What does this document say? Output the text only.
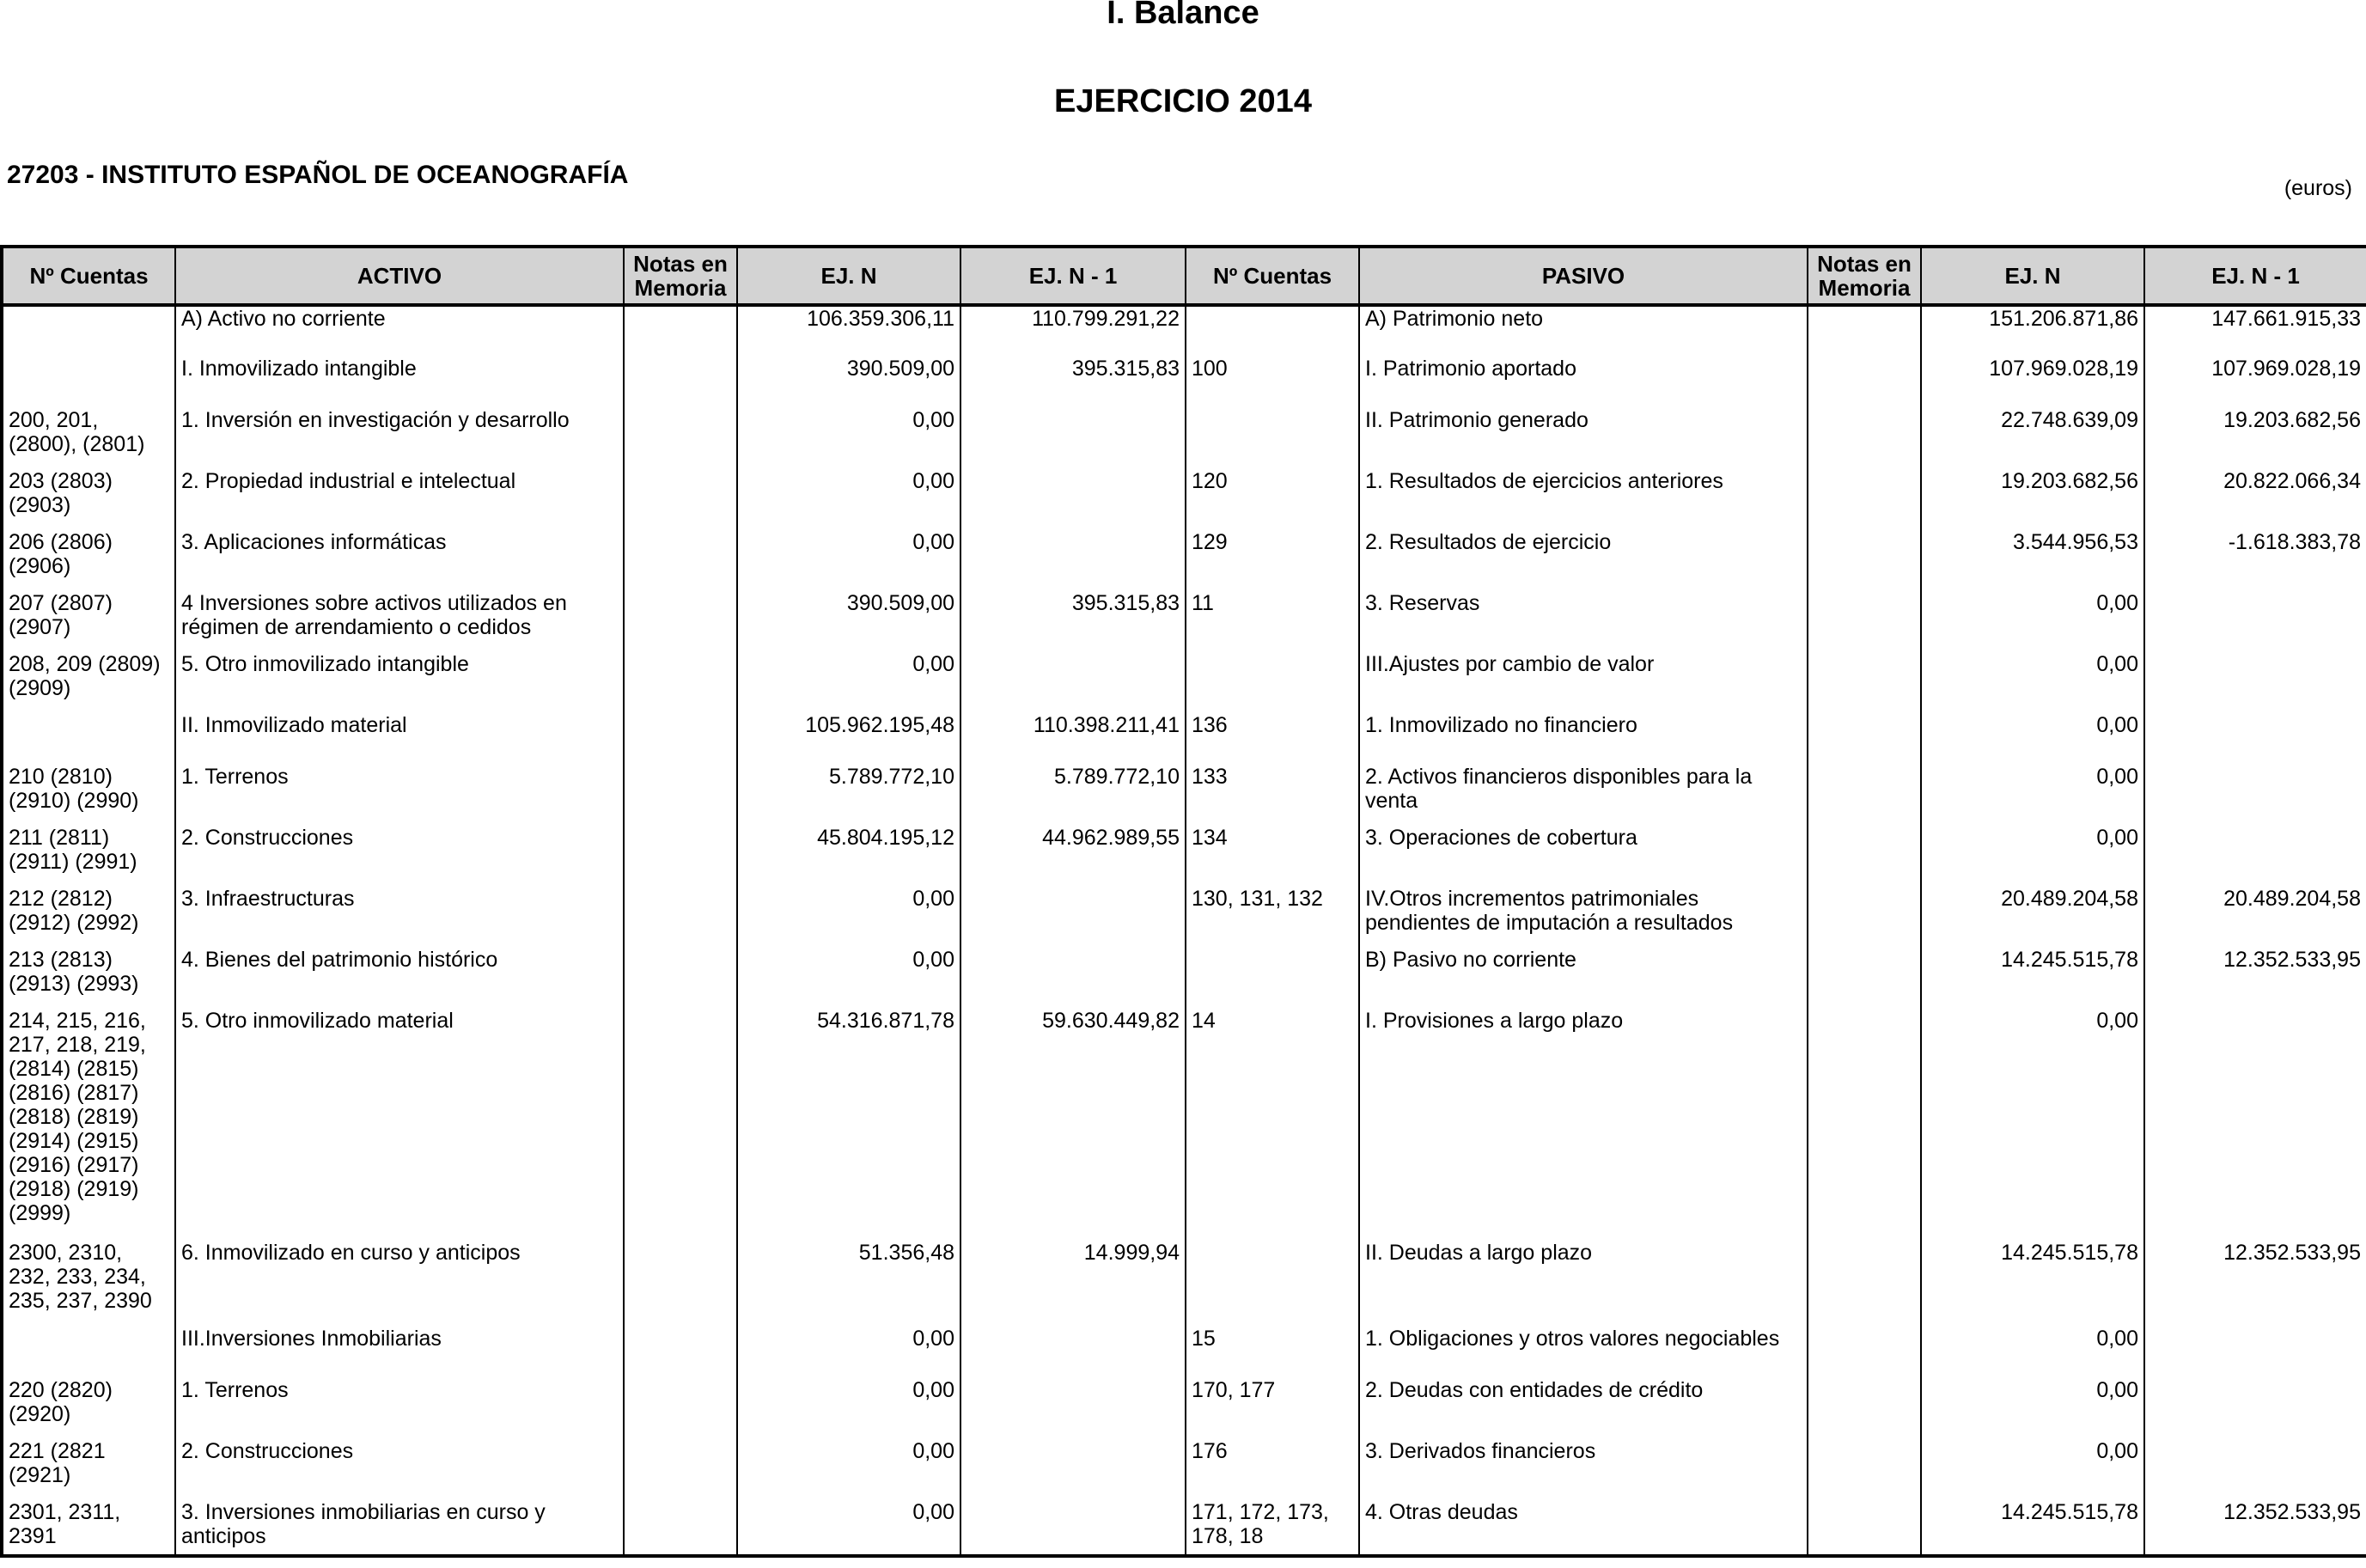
I. Balance
EJERCICIO 2014
27203 - INSTITUTO ESPAÑOL DE OCEANOGRAFÍA	(euros)
Nº Cuentas	ACTIVO	Notas en Memoria	EJ. N	EJ. N - 1	Nº Cuentas	PASIVO	Notas en Memoria	EJ. N	EJ. N - 1
	A) Activo no corriente		106.359.306,11	110.799.291,22		A) Patrimonio neto		151.206.871,86	147.661.915,33
	I. Inmovilizado intangible		390.509,00	395.315,83	100	I. Patrimonio aportado		107.969.028,19	107.969.028,19
200, 201, (2800), (2801)	1. Inversión en investigación y desarrollo		0,00			II. Patrimonio generado		22.748.639,09	19.203.682,56
203 (2803) (2903)	2. Propiedad industrial e intelectual		0,00		120	1. Resultados de ejercicios anteriores		19.203.682,56	20.822.066,34
206 (2806) (2906)	3. Aplicaciones informáticas		0,00		129	2. Resultados de ejercicio		3.544.956,53	-1.618.383,78
207 (2807) (2907)	4 Inversiones sobre activos utilizados en régimen de arrendamiento o cedidos		390.509,00	395.315,83	11	3. Reservas		0,00	
208, 209 (2809) (2909)	5. Otro inmovilizado intangible		0,00			III.Ajustes por cambio de valor		0,00	
	II. Inmovilizado material		105.962.195,48	110.398.211,41	136	1. Inmovilizado no financiero		0,00	
210 (2810) (2910) (2990)	1. Terrenos		5.789.772,10	5.789.772,10	133	2. Activos financieros disponibles para la venta		0,00	
211 (2811) (2911) (2991)	2. Construcciones		45.804.195,12	44.962.989,55	134	3. Operaciones de cobertura		0,00	
212 (2812) (2912) (2992)	3. Infraestructuras		0,00		130, 131, 132	IV.Otros incrementos patrimoniales pendientes de imputación a resultados		20.489.204,58	20.489.204,58
213 (2813) (2913) (2993)	4. Bienes del patrimonio histórico		0,00			B) Pasivo no corriente		14.245.515,78	12.352.533,95
214, 215, 216, 217, 218, 219, (2814) (2815) (2816) (2817) (2818) (2819) (2914) (2915) (2916) (2917) (2918) (2919) (2999)	5. Otro inmovilizado material		54.316.871,78	59.630.449,82	14	I. Provisiones a largo plazo		0,00	
2300, 2310, 232, 233, 234, 235, 237, 2390	6. Inmovilizado en curso y anticipos		51.356,48	14.999,94		II. Deudas a largo plazo		14.245.515,78	12.352.533,95
	III.Inversiones Inmobiliarias		0,00		15	1. Obligaciones y otros valores negociables		0,00	
220 (2820) (2920)	1. Terrenos		0,00		170, 177	2. Deudas con entidades de crédito		0,00	
221 (2821 (2921)	2. Construcciones		0,00		176	3. Derivados financieros		0,00	
2301, 2311, 2391	3. Inversiones inmobiliarias en curso y anticipos		0,00		171, 172, 173, 178, 18	4. Otras deudas		14.245.515,78	12.352.533,95
